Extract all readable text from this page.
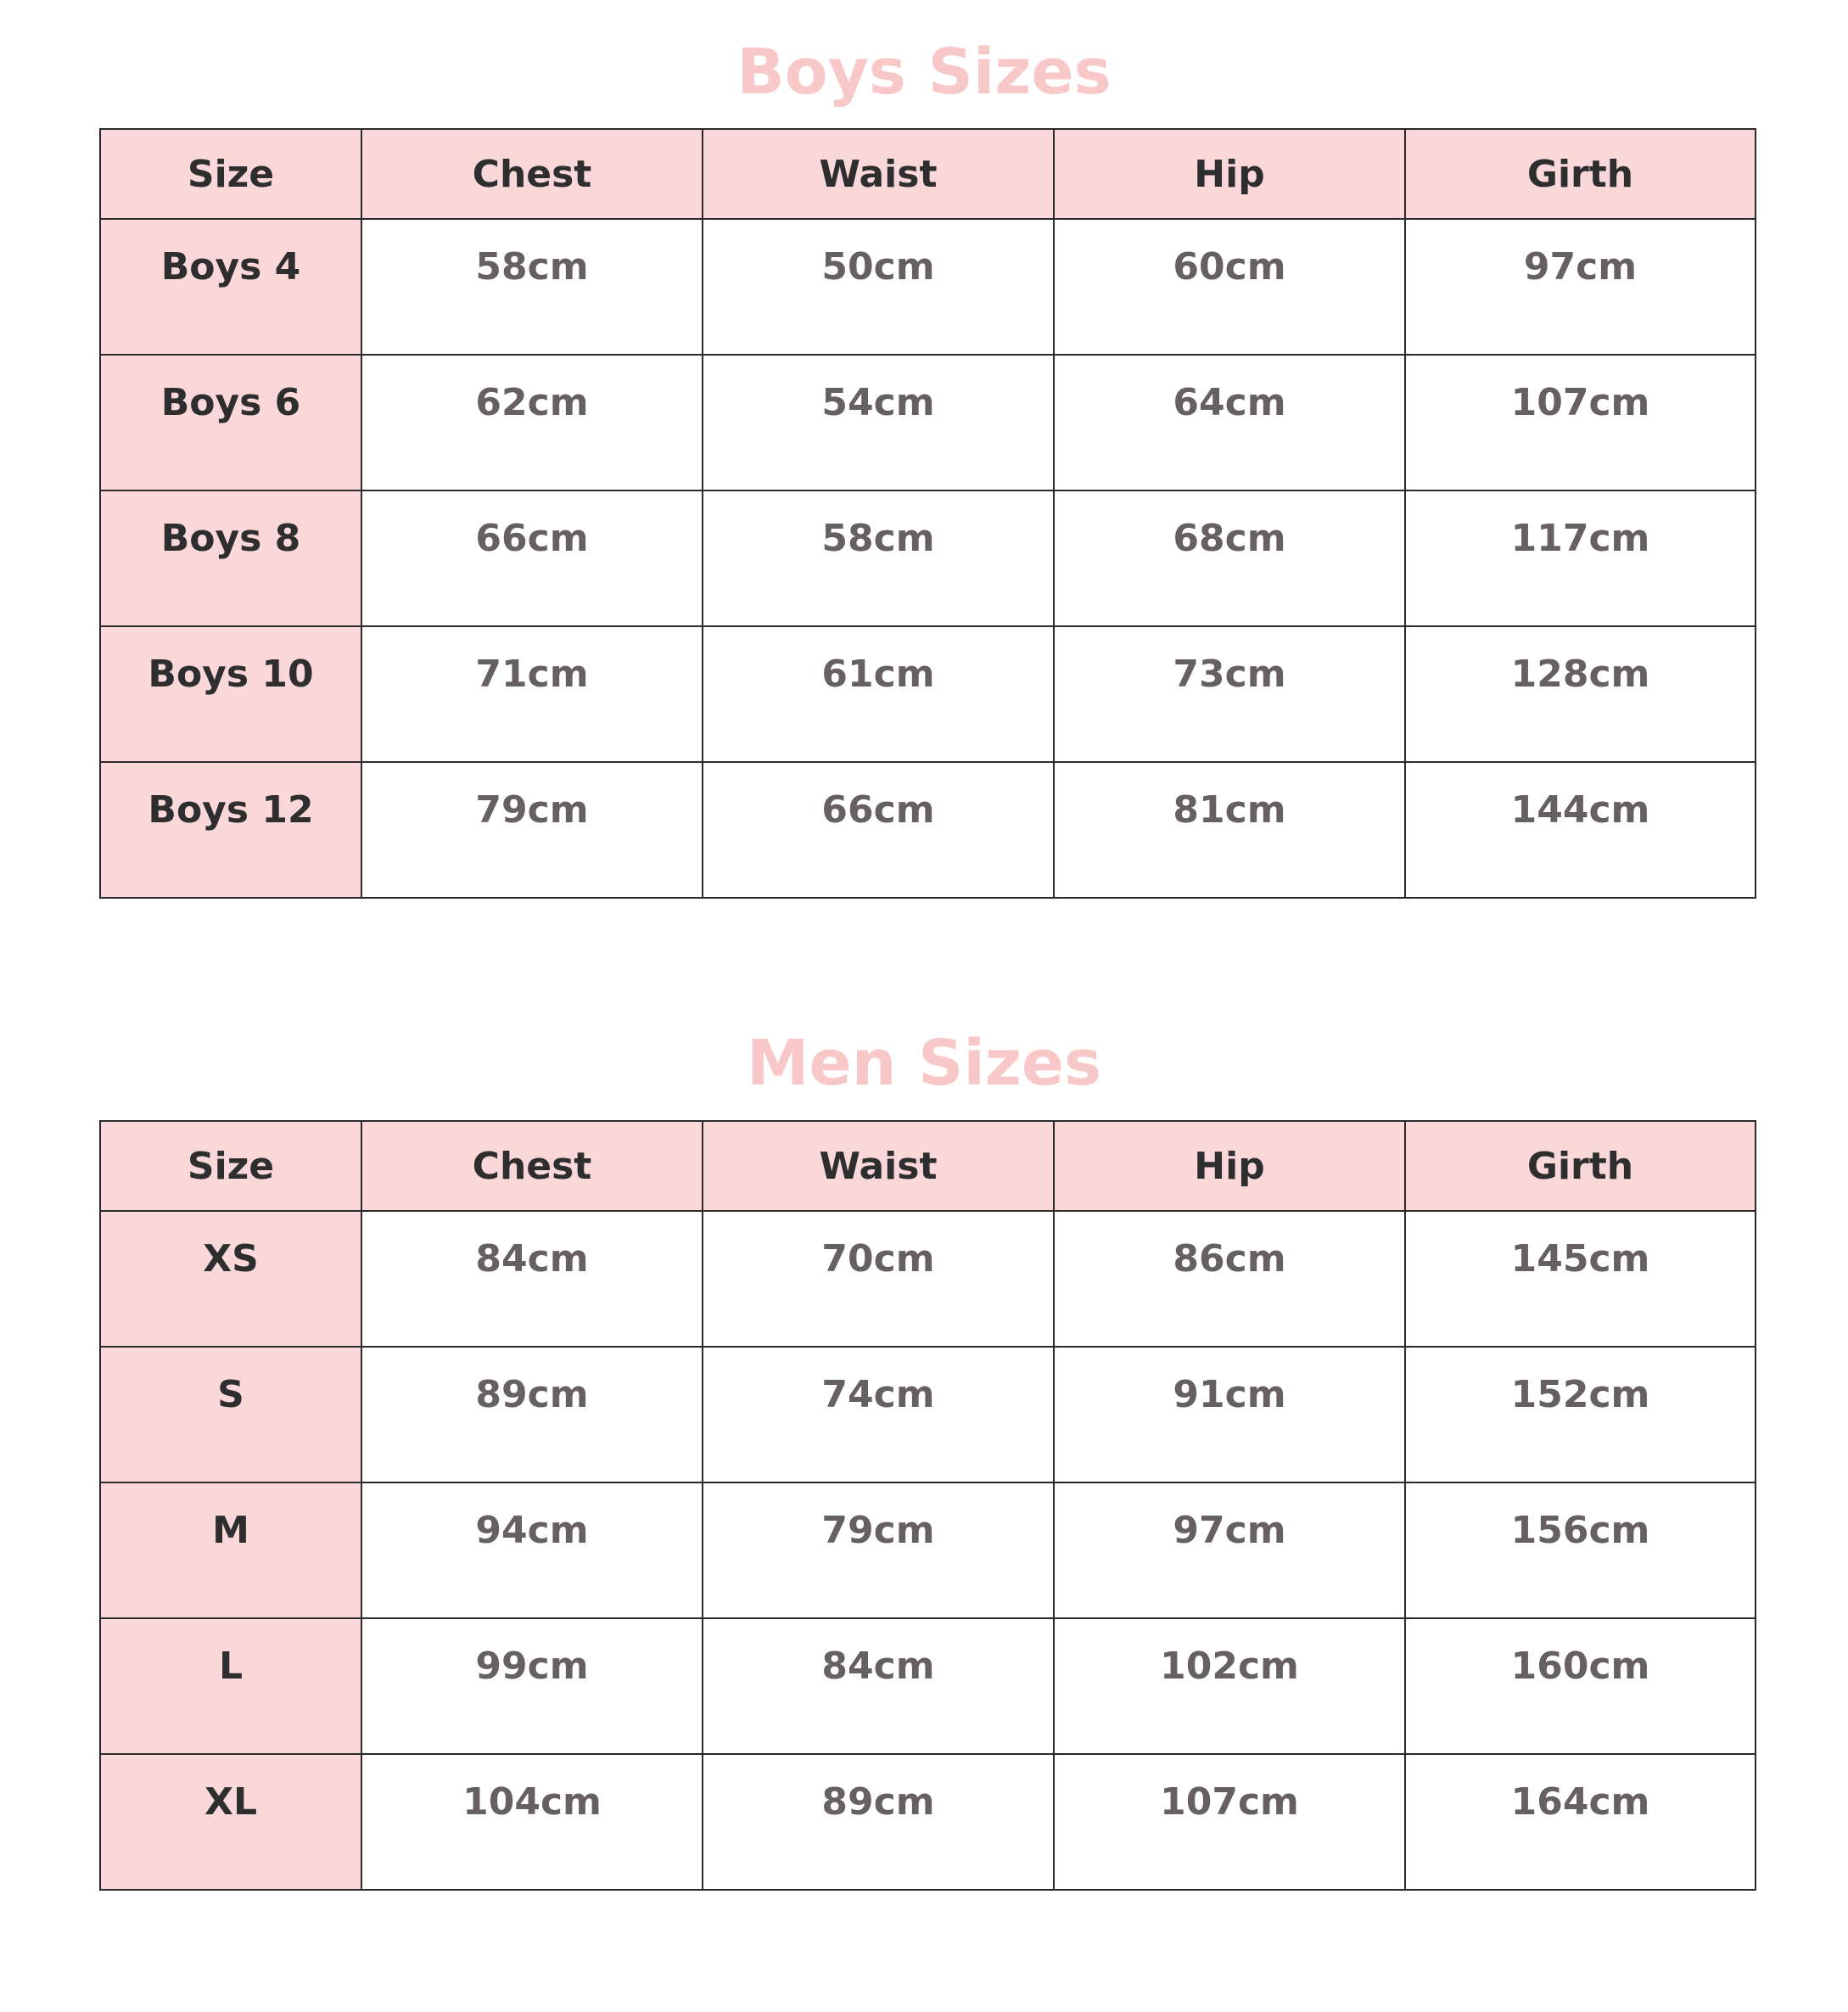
Boys Sizes
Size	Chest	Waist	Hip	Girth
Boys 4	58cm	50cm	60cm	97cm
Boys 6	62cm	54cm	64cm	107cm
Boys 8	66cm	58cm	68cm	117cm
Boys 10	71cm	61cm	73cm	128cm
Boys 12	79cm	66cm	81cm	144cm
Men Sizes
Size	Chest	Waist	Hip	Girth
XS	84cm	70cm	86cm	145cm
S	89cm	74cm	91cm	152cm
M	94cm	79cm	97cm	156cm
L	99cm	84cm	102cm	160cm
XL	104cm	89cm	107cm	164cm
